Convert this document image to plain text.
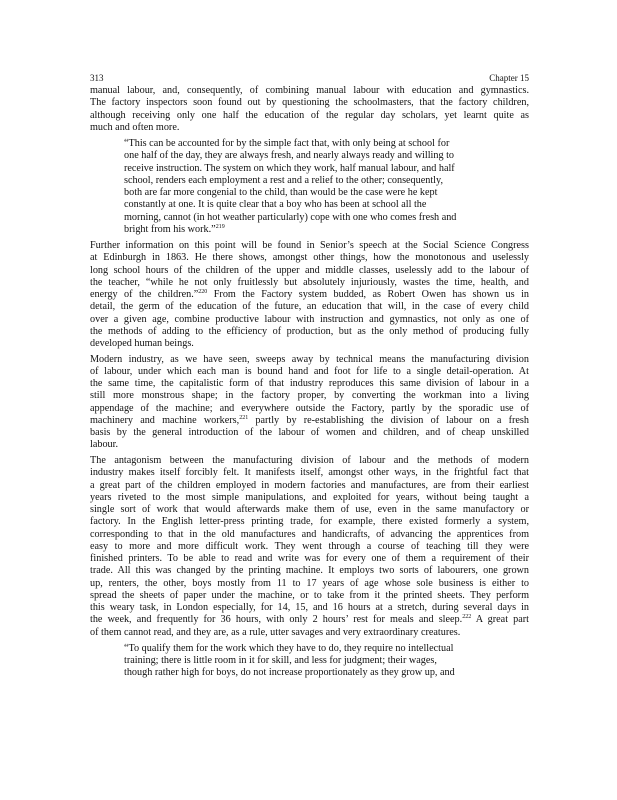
313	Chapter 15
manual labour, and, consequently, of combining manual labour with education and gymnastics.
The factory inspectors soon found out by questioning the schoolmasters, that the factory children,
although receiving only one half the education of the regular day scholars, yet learnt quite as
much and often more.
“This can be accounted for by the simple fact that, with only being at school for
one half of the day, they are always fresh, and nearly always ready and willing to
receive instruction. The system on which they work, half manual labour, and half
school, renders each employment a rest and a relief to the other; consequently,
both are far more congenial to the child, than would be the case were he kept
constantly at one. It is quite clear that a boy who has been at school all the
morning, cannot (in hot weather particularly) cope with one who comes fresh and
bright from his work.”$^{219}$
Further information on this point will be found in Senior’s speech at the Social Science Congress
at Edinburgh in 1863. He there shows, amongst other things, how the monotonous and uselessly
long school hours of the children of the upper and middle classes, uselessly add to the labour of
the teacher, “while he not only fruitlessly but absolutely injuriously, wastes the time, health, and
energy of the children.”$^{220}$ From the Factory system budded, as Robert Owen has shown us in
detail, the germ of the education of the future, an education that will, in the case of every child
over a given age, combine productive labour with instruction and gymnastics, not only as one of
the methods of adding to the efficiency of production, but as the only method of producing fully
developed human beings.
Modern industry, as we have seen, sweeps away by technical means the manufacturing division
of labour, under which each man is bound hand and foot for life to a single detail-operation. At
the same time, the capitalistic form of that industry reproduces this same division of labour in a
still more monstrous shape; in the factory proper, by converting the workman into a living
appendage of the machine; and everywhere outside the Factory, partly by the sporadic use of
machinery and machine workers,$^{221}$ partly by re-establishing the division of labour on a fresh
basis by the general introduction of the labour of women and children, and of cheap unskilled
labour.
The antagonism between the manufacturing division of labour and the methods of modern
industry makes itself forcibly felt. It manifests itself, amongst other ways, in the frightful fact that
a great part of the children employed in modern factories and manufactures, are from their earliest
years riveted to the most simple manipulations, and exploited for years, without being taught a
single sort of work that would afterwards make them of use, even in the same manufactory or
factory. In the English letter-press printing trade, for example, there existed formerly a system,
corresponding to that in the old manufactures and handicrafts, of advancing the apprentices from
easy to more and more difficult work. They went through a course of teaching till they were
finished printers. To be able to read and write was for every one of them a requirement of their
trade. All this was changed by the printing machine. It employs two sorts of labourers, one grown
up, renters, the other, boys mostly from 11 to 17 years of age whose sole business is either to
spread the sheets of paper under the machine, or to take from it the printed sheets. They perform
this weary task, in London especially, for 14, 15, and 16 hours at a stretch, during several days in
the week, and frequently for 36 hours, with only 2 hours’ rest for meals and sleep.$^{222}$ A great part
of them cannot read, and they are, as a rule, utter savages and very extraordinary creatures.
“To qualify them for the work which they have to do, they require no intellectual
training; there is little room in it for skill, and less for judgment; their wages,
though rather high for boys, do not increase proportionately as they grow up, and
